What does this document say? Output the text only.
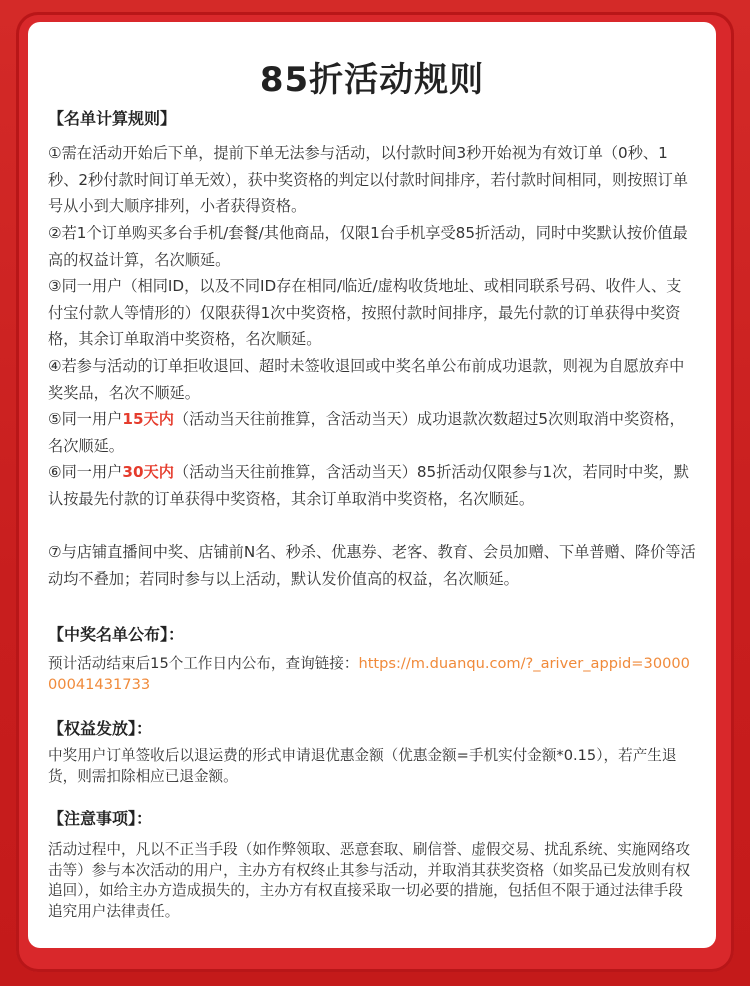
85折活动规则
【名单计算规则】
①需在活动开始后下单，提前下单无法参与活动，以付款时间3秒开始视为有效订单（0秒、1秒、2秒付款时间订单无效），获中奖资格的判定以付款时间排序，若付款时间相同，则按照订单号从小到大顺序排列，小者获得资格。
②若1个订单购买多台手机/套餐/其他商品，仅限1台手机享受85折活动，同时中奖默认按价值最高的权益计算，名次顺延。
③同一用户（相同ID，以及不同ID存在相同/临近/虚构收货地址、或相同联系号码、收件人、支付宝付款人等情形的）仅限获得1次中奖资格，按照付款时间排序，最先付款的订单获得中奖资格，其余订单取消中奖资格，名次顺延。
④若参与活动的订单拒收退回、超时未签收退回或中奖名单公布前成功退款，则视为自愿放弃中奖奖品，名次不顺延。
⑤同一用户15天内（活动当天往前推算，含活动当天）成功退款次数超过5次则取消中奖资格，名次顺延。
⑥同一用户30天内（活动当天往前推算，含活动当天）85折活动仅限参与1次，若同时中奖，默认按最先付款的订单获得中奖资格，其余订单取消中奖资格，名次顺延。
⑦与店铺直播间中奖、店铺前N名、秒杀、优惠券、老客、教育、会员加赠、下单普赠、降价等活动均不叠加；若同时参与以上活动，默认发价值高的权益，名次顺延。
【中奖名单公布】：
预计活动结束后15个工作日内公布，查询链接：https://m.duanqu.com/?_ariver_appid=3000000041431733
【权益发放】：
中奖用户订单签收后以退运费的形式申请退优惠金额（优惠金额=手机实付金额*0.15），若产生退货，则需扣除相应已退金额。
【注意事项】：
活动过程中，凡以不正当手段（如作弊领取、恶意套取、刷信誉、虚假交易、扰乱系统、实施网络攻击等）参与本次活动的用户，主办方有权终止其参与活动，并取消其获奖资格（如奖品已发放则有权追回），如给主办方造成损失的，主办方有权直接采取一切必要的措施，包括但不限于通过法律手段追究用户法律责任。
